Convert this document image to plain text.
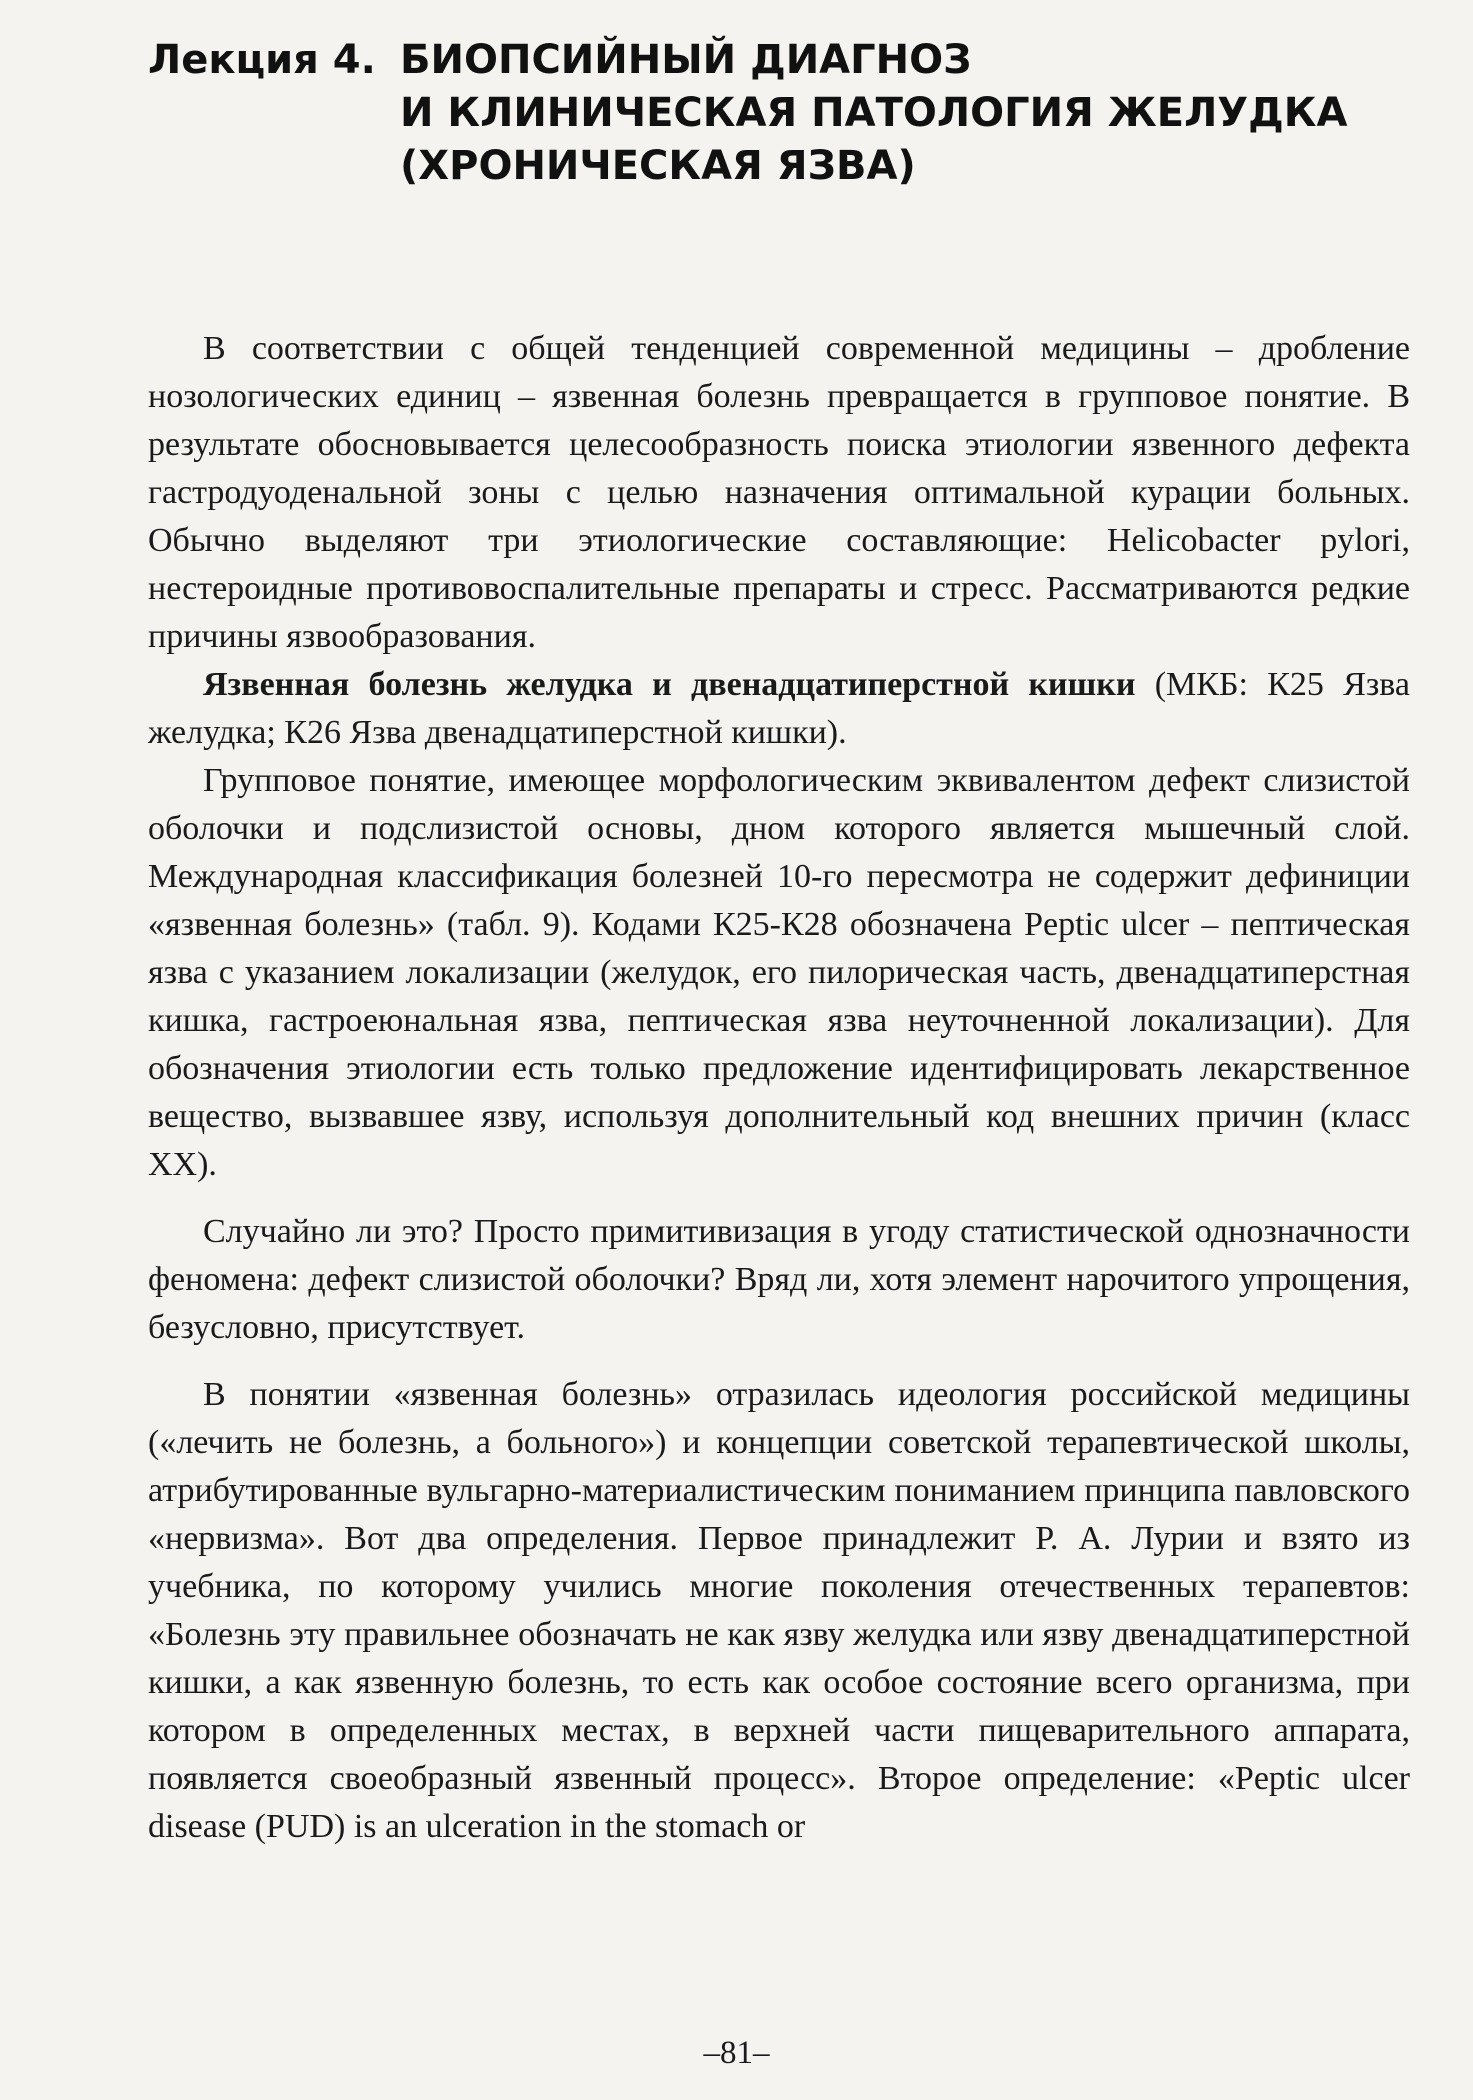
Лекция 4. БИОПСИЙНЫЙ ДИАГНОЗ
И КЛИНИЧЕСКАЯ ПАТОЛОГИЯ ЖЕЛУДКА
(ХРОНИЧЕСКАЯ ЯЗВА)

В соответствии с общей тенденцией современной медицины – дробление нозологических единиц – язвенная болезнь превращается в групповое понятие. В результате обосновывается целесообразность поиска этиологии язвенного дефекта гастродуоденальной зоны с целью назначения оптимальной курации больных. Обычно выделяют три этиологические составляющие: Helicobacter pylori, нестероидные противовоспалительные препараты и стресс. Рассматриваются редкие причины язвообразования.

Язвенная болезнь желудка и двенадцатиперстной кишки (МКБ: К25 Язва желудка; К26 Язва двенадцатиперстной кишки).

Групповое понятие, имеющее морфологическим эквивалентом дефект слизистой оболочки и подслизистой основы, дном которого является мышечный слой. Международная классификация болезней 10-го пересмотра не содержит дефиниции «язвенная болезнь» (табл. 9). Кодами К25-К28 обозначена Peptic ulcer – пептическая язва с указанием локализации (желудок, его пилорическая часть, двенадцатиперстная кишка, гастроеюнальная язва, пептическая язва неуточненной локализации). Для обозначения этиологии есть только предложение идентифицировать лекарственное вещество, вызвавшее язву, используя дополнительный код внешних причин (класс XX).

Случайно ли это? Просто примитивизация в угоду статистической однозначности феномена: дефект слизистой оболочки? Вряд ли, хотя элемент нарочитого упрощения, безусловно, присутствует.

В понятии «язвенная болезнь» отразилась идеология российской медицины («лечить не болезнь, а больного») и концепции советской терапевтической школы, атрибутированные вульгарно-материалистическим пониманием принципа павловского «нервизма». Вот два определения. Первое принадлежит Р. А. Лурии и взято из учебника, по которому учились многие поколения отечественных терапевтов: «Болезнь эту правильнее обозначать не как язву желудка или язву двенадцатиперстной кишки, а как язвенную болезнь, то есть как особое состояние всего организма, при котором в определенных местах, в верхней части пищеварительного аппарата, появляется своеобразный язвенный процесс». Второе определение: «Peptic ulcer disease (PUD) is an ulceration in the stomach or

–81–
